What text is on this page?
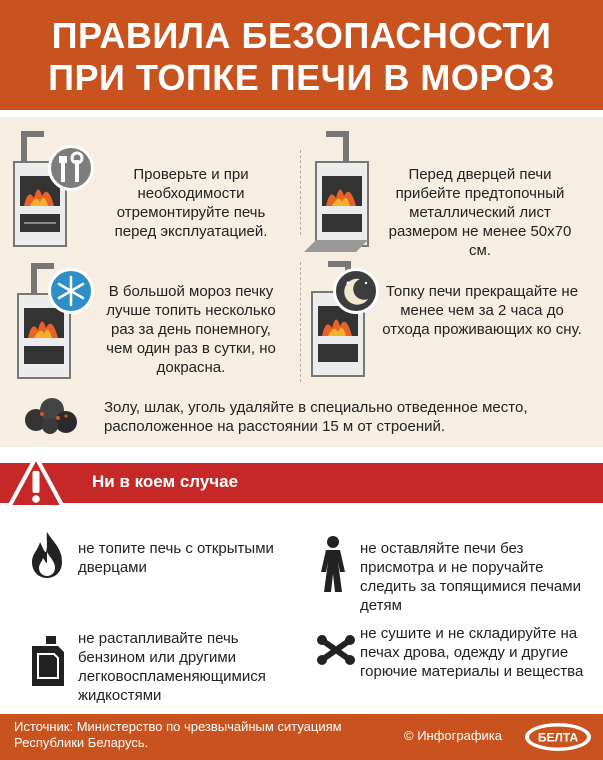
ПРАВИЛА БЕЗОПАСНОСТИ
ПРИ ТОПКЕ ПЕЧИ В МОРОЗ
Проверьте и при необходимости отремонтируйте печь перед эксплуатацией.
Перед дверцей печи прибейте предтопочный металлический лист размером не менее 50х70 см.
В большой мороз печку лучше топить несколько раз за день понемногу, чем один раз в сутки, но докрасна.
Топку печи прекращайте не менее чем за 2 часа до отхода проживающих ко сну.
Золу, шлак, уголь удаляйте в специально отведенное место, расположенное на расстоянии 15 м от строений.
Ни в коем случае
не топите печь с открытыми дверцами
не оставляйте печи без присмотра и не поручайте следить за топящимися печами детям
не растапливайте печь бензином или другими легковоспламеняющимися жидкостями
не сушите и не складируйте на печах дрова, одежду и другие горючие материалы и вещества
Источник: Министерство по чрезвычайным ситуациям Республики Беларусь.	© Инфографика	БЕЛТА
